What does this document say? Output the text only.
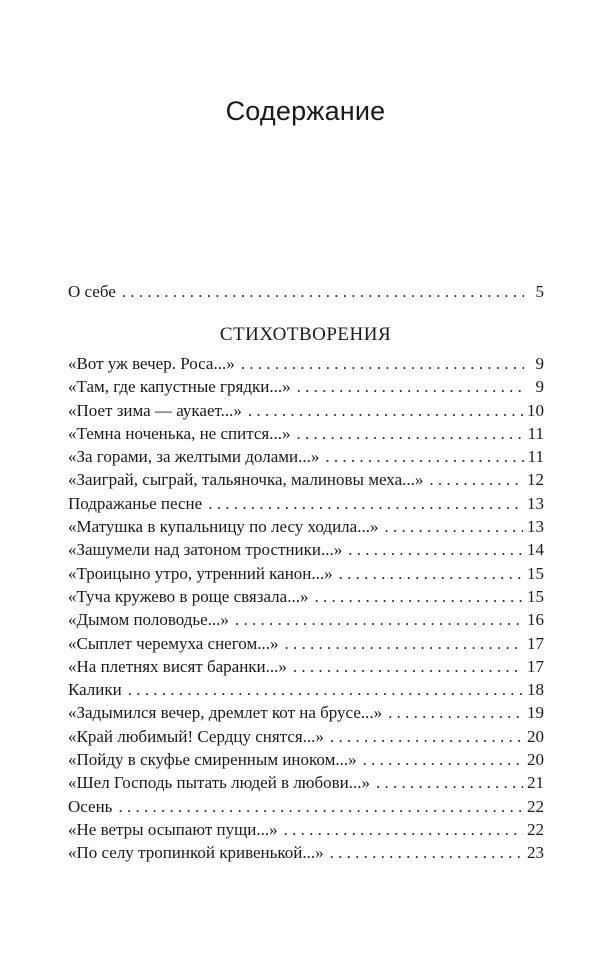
Содержание
О себе . . .	5
СТИХОТВОРЕНИЯ
«Вот уж вечер. Роса...» . . .	9
«Там, где капустные грядки...» . . .	9
«Поет зима — аукает...» . . .	10
«Темна ноченька, не спится...» . . .	11
«За горами, за желтыми долами...» . . .	11
«Заиграй, сыграй, тальяночка, малиновы меха...» . . .	12
Подражанье песне . . .	13
«Матушка в купальницу по лесу ходила...» . . .	13
«Зашумели над затоном тростники...» . . .	14
«Троицыно утро, утренний канон...» . . .	15
«Туча кружево в роще связала...» . . .	15
«Дымом половодье...» . . .	16
«Сыплет черемуха снегом...» . . .	17
«На плетнях висят баранки...» . . .	17
Калики . . .	18
«Задымился вечер, дремлет кот на брусе...» . . .	19
«Край любимый! Сердцу снятся...» . . .	20
«Пойду в скуфье смиренным иноком...» . . .	20
«Шел Господь пытать людей в любови...» . . .	21
Осень . . .	22
«Не ветры осыпают пущи...» . . .	22
«По селу тропинкой кривенькой...» . . .	23
